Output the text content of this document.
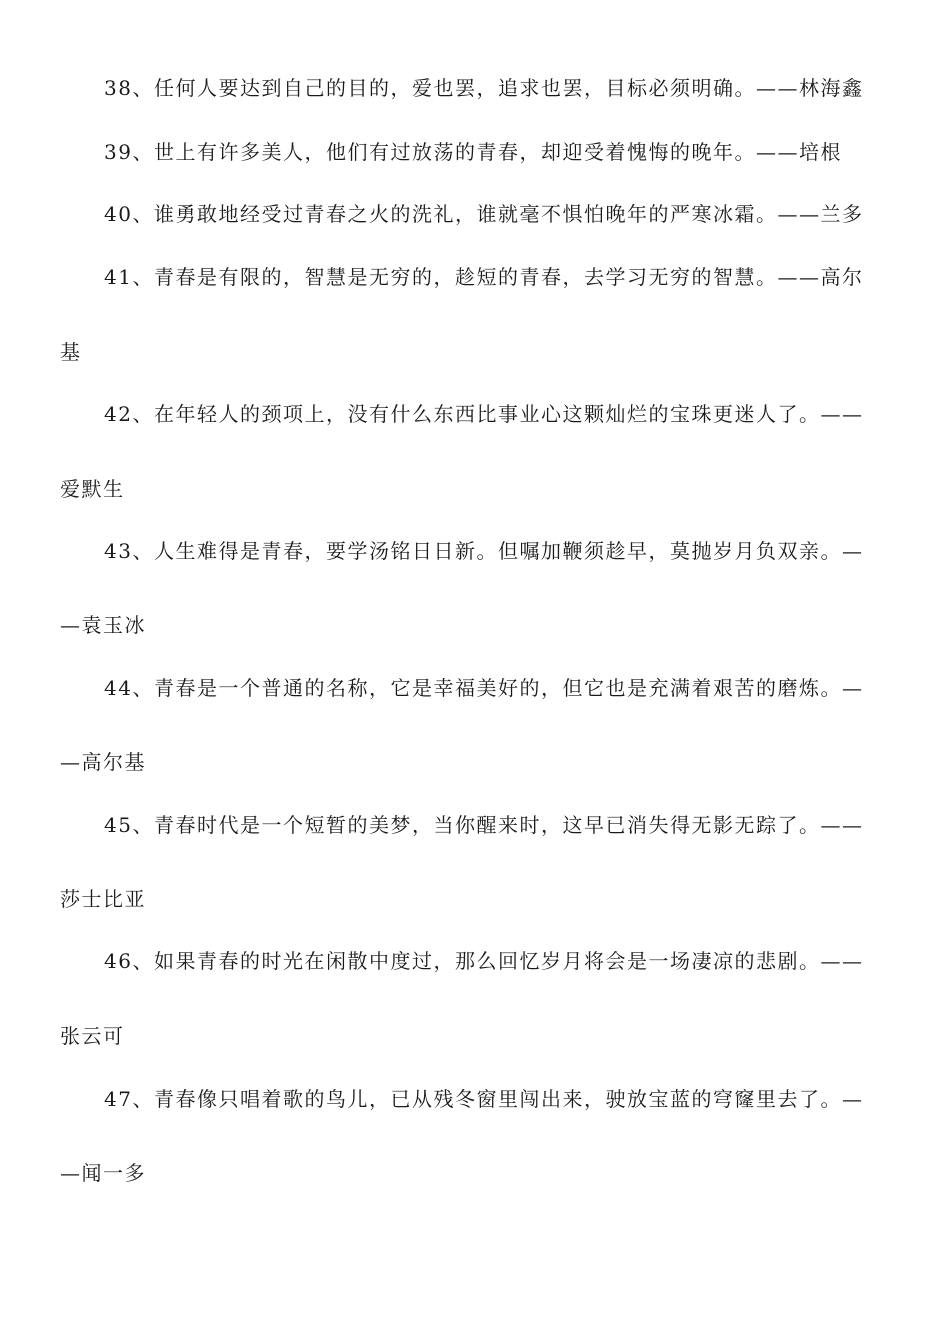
38、任何人要达到自己的目的，爱也罢，追求也罢，目标必须明确。——林海鑫
39、世上有许多美人，他们有过放荡的青春，却迎受着愧悔的晚年。——培根
40、谁勇敢地经受过青春之火的洗礼，谁就毫不惧怕晚年的严寒冰霜。——兰多
41、青春是有限的，智慧是无穷的，趁短的青春，去学习无穷的智慧。——高尔
基
42、在年轻人的颈项上，没有什么东西比事业心这颗灿烂的宝珠更迷人了。——
爱默生
43、人生难得是青春，要学汤铭日日新。但嘱加鞭须趁早，莫抛岁月负双亲。—
—袁玉冰
44、青春是一个普通的名称，它是幸福美好的，但它也是充满着艰苦的磨炼。—
—高尔基
45、青春时代是一个短暂的美梦，当你醒来时，这早已消失得无影无踪了。——
莎士比亚
46、如果青春的时光在闲散中度过，那么回忆岁月将会是一场凄凉的悲剧。——
张云可
47、青春像只唱着歌的鸟儿，已从残冬窗里闯出来，驶放宝蓝的穹窿里去了。—
—闻一多
